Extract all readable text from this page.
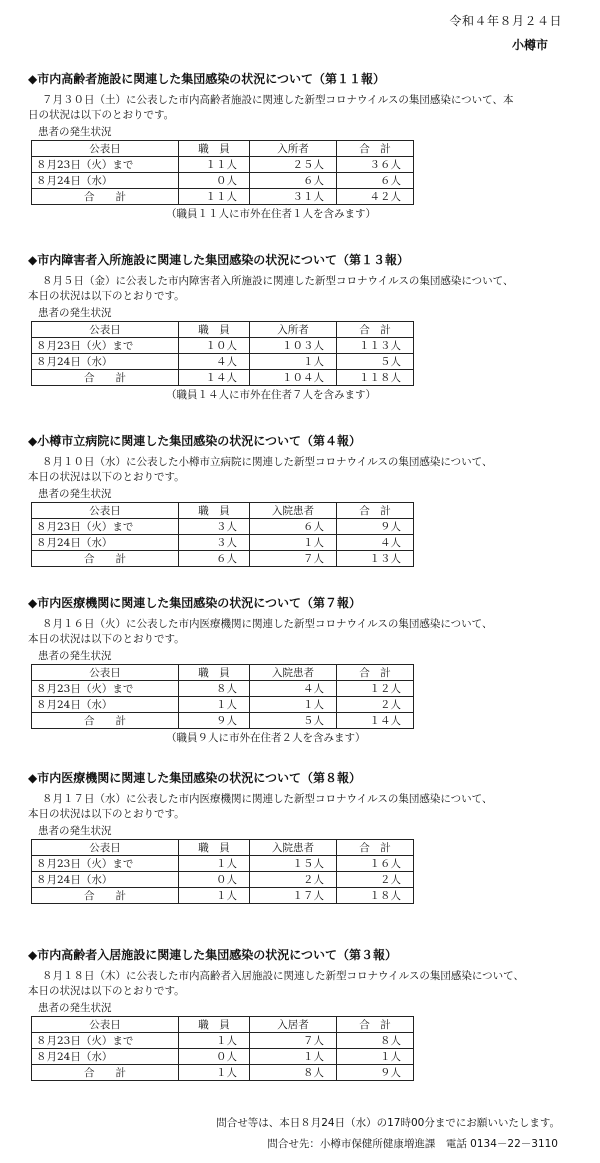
令和４年８月２４日
小樽市
◆市内高齢者施設に関連した集団感染の状況について（第１１報）
７月３０日（土）に公表した市内高齢者施設に関連した新型コロナウイルスの集団感染について、本
日の状況は以下のとおりです。
患者の発生状況
公表日	職　員	入所者	合　計
８月23日（火）まで	１１人	２５人	３６人
８月24日（水）	０人	６人	６人
合　　計	１１人	３１人	４２人
（職員１１人に市外在住者１人を含みます）
◆市内障害者入所施設に関連した集団感染の状況について（第１３報）
８月５日（金）に公表した市内障害者入所施設に関連した新型コロナウイルスの集団感染について、
本日の状況は以下のとおりです。
患者の発生状況
公表日	職　員	入所者	合　計
８月23日（火）まで	１０人	１０３人	１１３人
８月24日（水）	４人	１人	５人
合　　計	１４人	１０４人	１１８人
（職員１４人に市外在住者７人を含みます）
◆小樽市立病院に関連した集団感染の状況について（第４報）
８月１０日（水）に公表した小樽市立病院に関連した新型コロナウイルスの集団感染について、
本日の状況は以下のとおりです。
患者の発生状況
公表日	職　員	入院患者	合　計
８月23日（火）まで	３人	６人	９人
８月24日（水）	３人	１人	４人
合　　計	６人	７人	１３人
◆市内医療機関に関連した集団感染の状況について（第７報）
８月１６日（火）に公表した市内医療機関に関連した新型コロナウイルスの集団感染について、
本日の状況は以下のとおりです。
患者の発生状況
公表日	職　員	入院患者	合　計
８月23日（火）まで	８人	４人	１２人
８月24日（水）	１人	１人	２人
合　　計	９人	５人	１４人
（職員９人に市外在住者２人を含みます）
◆市内医療機関に関連した集団感染の状況について（第８報）
８月１７日（水）に公表した市内医療機関に関連した新型コロナウイルスの集団感染について、
本日の状況は以下のとおりです。
患者の発生状況
公表日	職　員	入院患者	合　計
８月23日（火）まで	１人	１５人	１６人
８月24日（水）	０人	２人	２人
合　　計	１人	１７人	１８人
◆市内高齢者入居施設に関連した集団感染の状況について（第３報）
８月１８日（木）に公表した市内高齢者入居施設に関連した新型コロナウイルスの集団感染について、
本日の状況は以下のとおりです。
患者の発生状況
公表日	職　員	入居者	合　計
８月23日（火）まで	１人	７人	８人
８月24日（水）	０人	１人	１人
合　　計	１人	８人	９人
問合せ等は、本日８月24日（水）の17時00分までにお願いいたします。
問合せ先：小樽市保健所健康増進課　電話 0134－22－3110
